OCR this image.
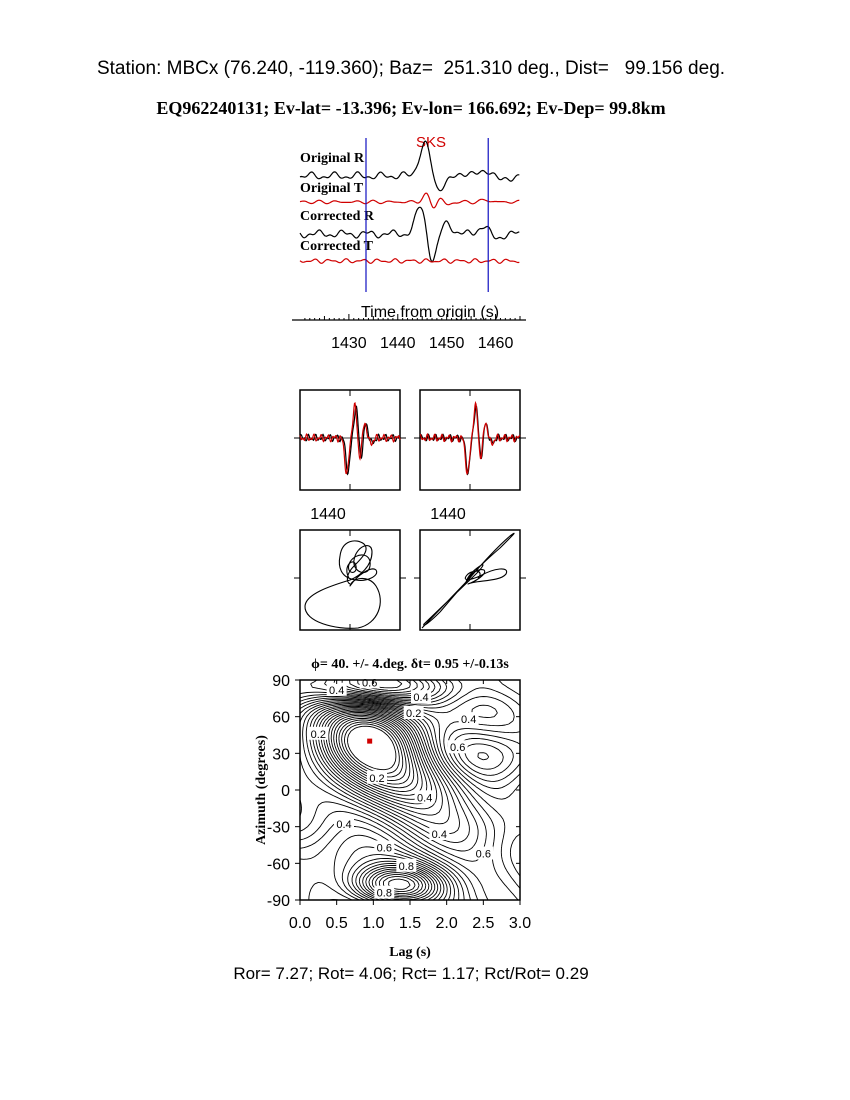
Station: MBCx (76.240, -119.360); Baz=  251.310 deg., Dist=   99.156 deg.
EQ962240131; Ev-lat= -13.396; Ev-lon= 166.692; Ev-Dep= 99.8km
SKS
Original R
Original T
Corrected R
Corrected T
Time from origin (s)
1430 1440 1450 1460
1440	1440
ϕ= 40. +/- 4.deg. δt= 0.95 +/-0.13s
0.4
0.6
0.4
0.2
0.4
0.2
0.6
0.2
0.4
0.4
0.4
0.6
0.6
0.8
0.8
0.0 0.5 1.0 1.5 2.0 2.5 3.0
90
60
30
0
-30
-60
-90
Lag (s)
Azimuth (degrees)
Ror= 7.27; Rot= 4.06; Rct= 1.17; Rct/Rot= 0.29
